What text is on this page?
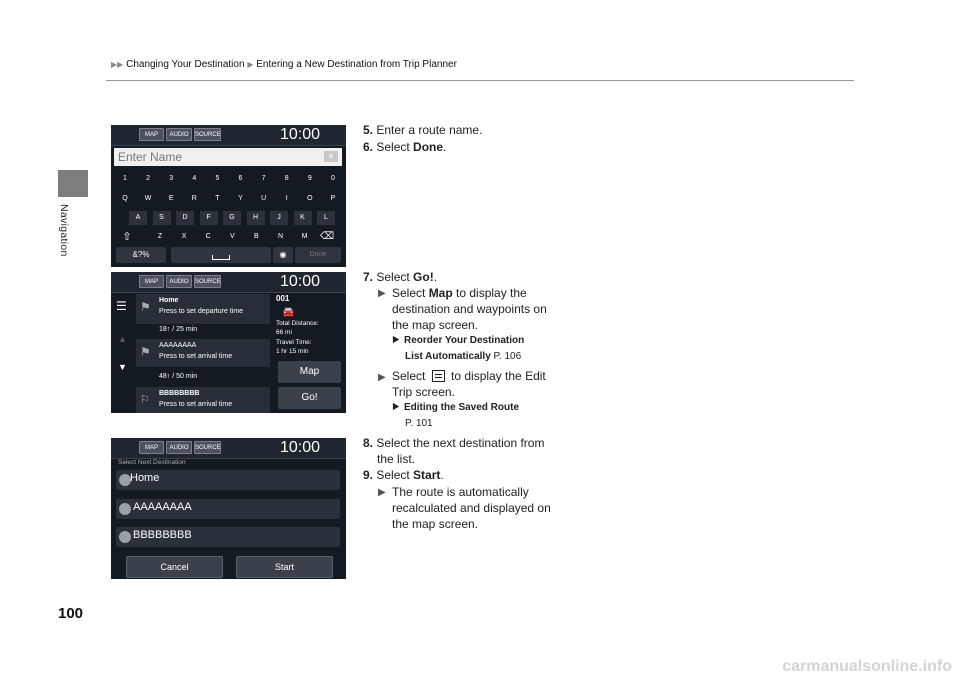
▶▶ Changing Your Destination ▶ Entering a New Destination from Trip Planner
Navigation
100
carmanualsonline.info
MAP	AUDIO	SOURCE	10:00
Enter Name	✕
1	2	3	4	5	6	7	8	9	0
Q	W	E	R	T	Y	U	I	O	P
A	S	D	F	G	H	J	K	L
Z	X	C	V	B	N	M
⇧	⌫
&?%	◉	Done
MAP	AUDIO	SOURCE	10:00
☰
▲
▼
⚑ Home
Press to set departure time
18↑ / 25 min
⚑ AAAAAAAA
Press to set arrival time
48↑ / 50 min
⚐
BBBBBBBB
Press to set arrival time
001
🚘
Total Distance:
66 mi
Travel Time:
1 hr 15 min
Map
Go!
MAP	AUDIO	SOURCE	10:00
Select Next Destination
Home
AAAAAAAA
BBBBBBBB
Cancel	Start
5. Enter a route name.
6. Select Done.
7. Select Go!.
▶ Select Map to display the
destination and waypoints on
the map screen.
Reorder Your Destination
List Automatically P. 106
▶ Select  to display the Edit
Trip screen.
Editing the Saved Route
P. 101
8. Select the next destination from
the list.
9. Select Start.
▶ The route is automatically
recalculated and displayed on
the map screen.
